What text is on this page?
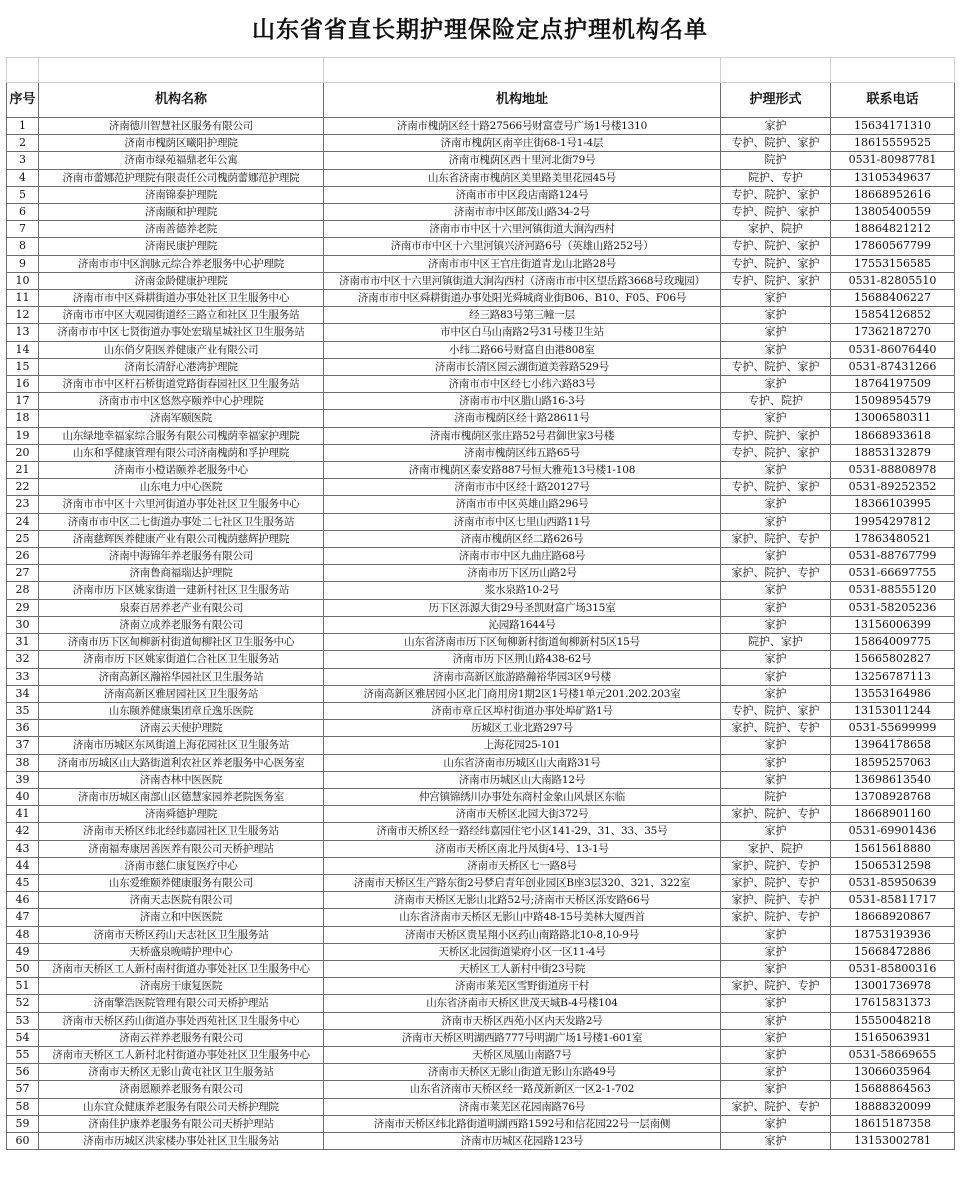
山东省省直长期护理保险定点护理机构名单

序号	机构名称	机构地址	护理形式	联系电话
1	济南德川智慧社区服务有限公司	济南市槐荫区经十路27566号财富壹号广场1号楼1310	家护	15634171310
2	济南市槐荫区曦阳护理院	济南市槐荫区南辛庄街68-1号1-4层	专护、院护、家护	18615559525
3	济南市绿苑福鼎老年公寓	济南市槐荫区西十里河北街79号	院护	0531-80987781
4	济南市蕾娜范护理院有限责任公司槐荫蕾娜范护理院	山东省济南市槐荫区美里路美里花园45号	院护、专护	13105349637
5	济南锦泰护理院	济南市市中区段店南路124号	专护、院护、家护	18668952616
6	济南颐和护理院	济南市市中区郎茂山路34-2号	专护、院护、家护	13805400559
7	济南善德养老院	济南市市中区十六里河镇街道大涧沟西村	家护、院护	18864821212
8	济南民康护理院	济南市市中区十六里河镇兴济河路6号（英雄山路252号）	专护、院护、家护	17860567799
9	济南市市中区润脉元综合养老服务中心护理院	济南市市中区王官庄街道青龙山北路28号	专护、院护、家护	17553156585
10	济南金龄健康护理院	济南市市中区十六里河镇街道大涧沟西村（济南市市中区望岳路3668号玫瑰园）	专护、院护、家护	0531-82805510
11	济南市市中区舜耕街道办事处社区卫生服务中心	济南市市中区舜耕街道办事处阳光舜城商业街B06、B10、F05、F06号	家护	15688406227
12	济南市市中区大观园街道经三路立和社区卫生服务站	经三路83号第三幢一层	家护	15854126852
13	济南市市中区七贤街道办事处宏瑞星城社区卫生服务站	市中区白马山南路2号31号楼卫生站	家护	17362187270
14	山东俏夕阳医养健康产业有限公司	小纬二路66号财富自由港808室	家护	0531-86076440
15	济南长清舒心港湾护理院	济南市长清区园云湖街道美蓉路529号	专护、院护、家护	0531-87431266
16	济南市市中区杆石桥街道党路街春园社区卫生服务站	济南市市中区经七小纬六路83号	家护	18764197509
17	济南市市中区悠然亭颐养中心护理院	济南市市中区腊山路16-3号	专护、院护	15098954579
18	济南军颐医院	济南市槐荫区经十路28611号	家护	13006580311
19	山东绿地幸福家综合服务有限公司槐荫幸福家护理院	济南市槐荫区张庄路52号君御世家3号楼	专护、院护、家护	18668933618
20	山东和孚健康管理有限公司济南槐荫和孚护理院	济南市槐荫区纬五路65号	专护、院护、家护	18853132879
21	济南市小橙诺颐养老服务中心	济南市槐荫区泰安路887号恒大雅苑13号楼1-108	家护	0531-88808978
22	山东电力中心医院	济南市市中区经十路20127号	专护、院护、家护	0531-89252352
23	济南市市中区十六里河街道办事处社区卫生服务中心	济南市市中区英雄山路296号	家护	18366103995
24	济南市市中区二七街道办事处二七社区卫生服务站	济南市市中区七里山西路11号	家护	19954297812
25	济南慈辉医养健康产业有限公司槐荫慈辉护理院	济南市槐荫区经二路626号	家护、院护、专护	17863480521
26	济南中海锦年养老服务有限公司	济南市市中区九曲庄路68号	家护	0531-88767799
27	济南鲁商福瑞达护理院	济南市历下区历山路2号	家护、院护、专护	0531-66697755
28	济南市历下区姚家街道一建新村社区卫生服务站	浆水泉路10-2号	家护	0531-88555120
29	泉泰百居养老产业有限公司	历下区泺源大街29号圣凯财富广场315室	家护	0531-58205236
30	济南立成养老服务有限公司	沁园路1644号	家护	13156006399
31	济南市历下区甸柳新村街道甸柳社区卫生服务中心	山东省济南市历下区甸柳新村街道甸柳新村5区15号	院护、家护	15864009775
32	济南市历下区姚家街道仁合社区卫生服务站	济南市历下区荆山路438-62号	家护	15665802827
33	济南高新区瀚裕华园社区卫生服务站	济南市高新区旅游路瀚裕华园3区9号楼	家护	13256787113
34	济南高新区雅居园社区卫生服务站	济南高新区雅居园小区北门商用房1期2区1号楼1单元201.202.203室	家护	13553164986
35	山东颐养健康集团章丘逸乐医院	济南市章丘区埠村街道办事处埠矿路1号	专护、院护、家护	13153011244
36	济南云天使护理院	历城区工业北路297号	家护、院护、专护	0531-55699999
37	济南市历城区东风街道上海花园社区卫生服务站	上海花园25-101	家护	13964178658
38	济南市历城区山大路街道利农社区养老服务中心医务室	山东省济南市历城区山大南路31号	家护	18595257063
39	济南杏林中医医院	济南市历城区山大南路12号	家护	13698613540
40	济南市历城区南部山区德慧家园养老院医务室	仲宫镇锦绣川办事处东商村金象山风景区东临	院护	13708928768
41	济南舜德护理院	济南市天桥区北园大街372号	家护、院护、专护	18668901160
42	济南市天桥区纬北经纬嘉园社区卫生服务站	济南市天桥区经一路经纬嘉园住宅小区141-29、31、33、35号	家护	0531-69901436
43	济南福寿康居善医养有限公司天桥护理站	济南市天桥区南北丹凤街4号、13-1号	家护、院护	15615618880
44	济南市慈仁康复医疗中心	济南市天桥区七一路8号	家护、院护、专护	15065312598
45	山东爱维颐养健康服务有限公司	济南市天桥区生产路东街2号梦启青年创业园区B座3层320、321、322室	家护、院护、专护	0531-85950639
46	济南天志医院有限公司	济南市天桥区无影山北路52号;济南市天桥区泺安路66号	家护、院护、专护	0531-85811717
47	济南立和中医医院	山东省济南市天桥区无影山中路48-15号美林大厦西首	家护、院护、专护	18668920867
48	济南市天桥区药山天志社区卫生服务站	济南市天桥区贵星翔小区药山南路路北10-8,10-9号	家护	18753193936
49	天桥盛泉晚晴护理中心	天桥区北园街道梁府小区一区11-4号	家护	15668472886
50	济南市天桥区工人新村南村街道办事处社区卫生服务中心	天桥区工人新村中街23号院	家护	0531-85800316
51	济南房干康复医院	济南市莱芜区雪野街道房干村	家护、院护、专护	13001736978
52	济南擎浩医院管理有限公司天桥护理站	山东省济南市天桥区世茂天城B-4号楼104	家护	17615831373
53	济南市天桥区药山街道办事处西苑社区卫生服务中心	济南市天桥区西苑小区内天发路2号	家护	15550048218
54	济南云祥养老服务有限公司	济南市天桥区明湖西路777号明湖广场1号楼1-601室	家护	15165063931
55	济南市天桥区工人新村北村街道办事处社区卫生服务中心	天桥区凤凰山南路7号	家护	0531-58669655
56	济南市天桥区无影山黄屯社区卫生服务站	济南市天桥区无影山街道无影山东路49号	家护	13066035964
57	济南恩颐养老服务有限公司	山东省济南市天桥区经一路茂新新区一区2-1-702	家护	15688864563
58	山东宜众健康养老服务有限公司天桥护理院	济南市莱芜区花园南路76号	家护、院护、专护	18888320099
59	济南佳护康养老服务有限公司天桥护理站	济南市天桥区纬北路街道明湖西路1592号和信花园22号一层南侧	家护	18615187358
60	济南市历城区洪家楼办事处社区卫生服务站	济南市历城区花园路123号	家护	13153002781
